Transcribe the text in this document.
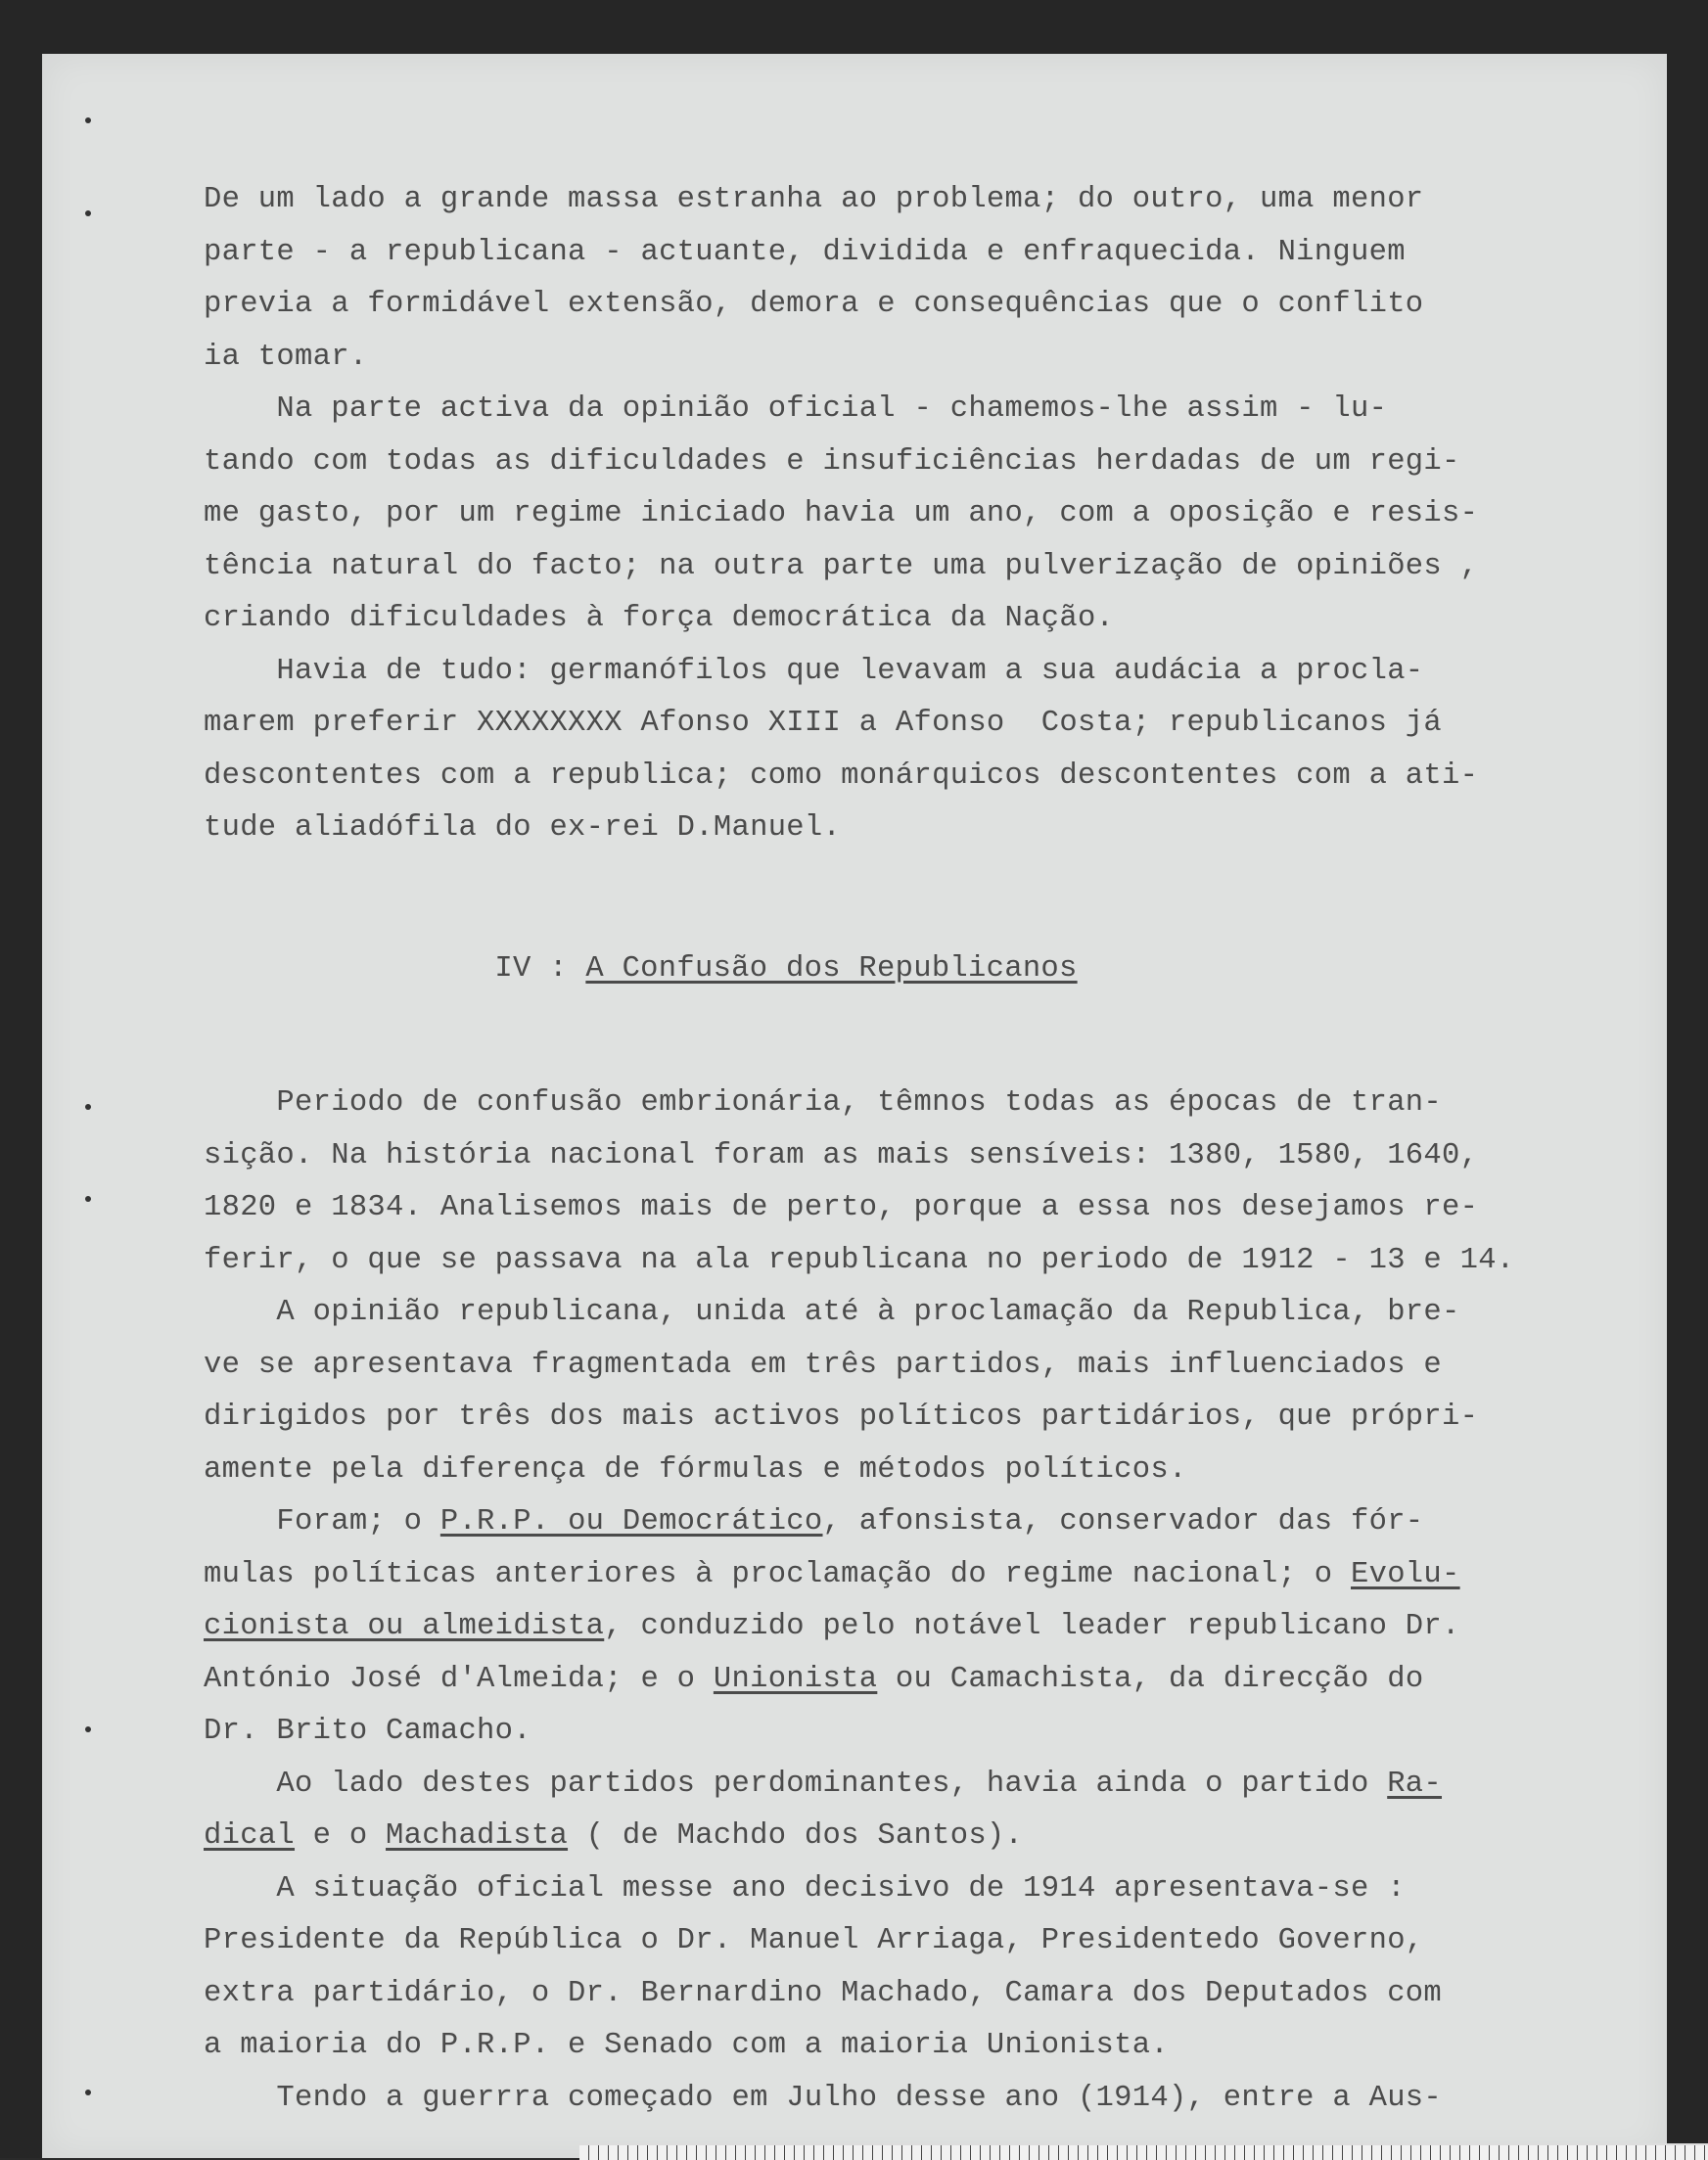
De um lado a grande massa estranha ao problema; do outro, uma menor
parte - a republicana - actuante, dividida e enfraquecida. Ninguem
previa a formidável extensão, demora e consequências que o conflito
ia tomar.
Na parte activa da opinião oficial - chamemos-lhe assim - lu-
tando com todas as dificuldades e insuficiências herdadas de um regi-
me gasto, por um regime iniciado havia um ano, com a oposição e resis-
tência natural do facto; na outra parte uma pulverização de opiniões ,
criando dificuldades à força democrática da Nação.
Havia de tudo: germanófilos que levavam a sua audácia a procla-
marem preferir XXXXXXXX Afonso XIII a Afonso  Costa; republicanos já
descontentes com a republica; como monárquicos descontentes com a ati-
tude aliadófila do ex-rei D.Manuel.
IV : A Confusão dos Republicanos
Periodo de confusão embrionária, têmnos todas as épocas de tran-
sição. Na história nacional foram as mais sensíveis: 1380, 1580, 1640,
1820 e 1834. Analisemos mais de perto, porque a essa nos desejamos re-
ferir, o que se passava na ala republicana no periodo de 1912 - 13 e 14.
A opinião republicana, unida até à proclamação da Republica, bre-
ve se apresentava fragmentada em três partidos, mais influenciados e
dirigidos por três dos mais activos políticos partidários, que própri-
amente pela diferença de fórmulas e métodos políticos.
Foram; o P.R.P. ou Democrático, afonsista, conservador das fór-
mulas políticas anteriores à proclamação do regime nacional; o Evolu-
cionista ou almeidista, conduzido pelo notável leader republicano Dr.
António José d'Almeida; e o Unionista ou Camachista, da direcção do
Dr. Brito Camacho.
Ao lado destes partidos perdominantes, havia ainda o partido Ra-
dical e o Machadista ( de Machdo dos Santos).
A situação oficial messe ano decisivo de 1914 apresentava-se :
Presidente da República o Dr. Manuel Arriaga, Presidentedo Governo,
extra partidário, o Dr. Bernardino Machado, Camara dos Deputados com
a maioria do P.R.P. e Senado com a maioria Unionista.
Tendo a guerrra começado em Julho desse ano (1914), entre a Aus-
